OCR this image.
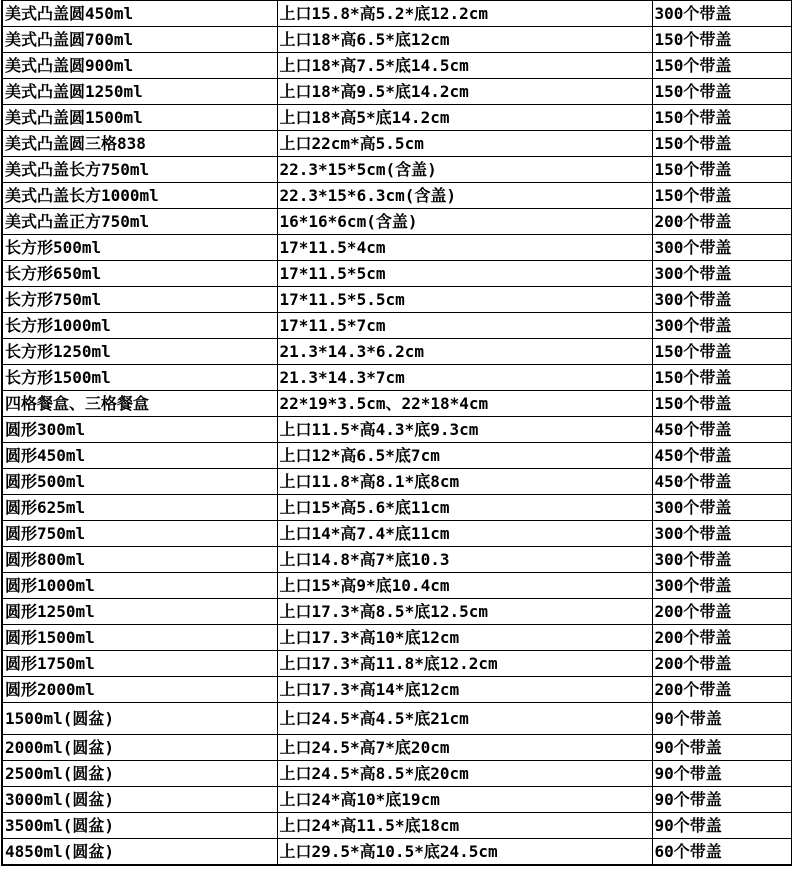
美式凸盖圆450ml	上口15.8*高5.2*底12.2cm	300个带盖
美式凸盖圆700ml	上口18*高6.5*底12cm	150个带盖
美式凸盖圆900ml	上口18*高7.5*底14.5cm	150个带盖
美式凸盖圆1250ml	上口18*高9.5*底14.2cm	150个带盖
美式凸盖圆1500ml	上口18*高5*底14.2cm	150个带盖
美式凸盖圆三格838	上口22cm*高5.5cm	150个带盖
美式凸盖长方750ml	22.3*15*5cm(含盖)	150个带盖
美式凸盖长方1000ml	22.3*15*6.3cm(含盖)	150个带盖
美式凸盖正方750ml	16*16*6cm(含盖)	200个带盖
长方形500ml	17*11.5*4cm	300个带盖
长方形650ml	17*11.5*5cm	300个带盖
长方形750ml	17*11.5*5.5cm	300个带盖
长方形1000ml	17*11.5*7cm	300个带盖
长方形1250ml	21.3*14.3*6.2cm	150个带盖
长方形1500ml	21.3*14.3*7cm	150个带盖
四格餐盒、三格餐盒	22*19*3.5cm、22*18*4cm	150个带盖
圆形300ml	上口11.5*高4.3*底9.3cm	450个带盖
圆形450ml	上口12*高6.5*底7cm	450个带盖
圆形500ml	上口11.8*高8.1*底8cm	450个带盖
圆形625ml	上口15*高5.6*底11cm	300个带盖
圆形750ml	上口14*高7.4*底11cm	300个带盖
圆形800ml	上口14.8*高7*底10.3	300个带盖
圆形1000ml	上口15*高9*底10.4cm	300个带盖
圆形1250ml	上口17.3*高8.5*底12.5cm	200个带盖
圆形1500ml	上口17.3*高10*底12cm	200个带盖
圆形1750ml	上口17.3*高11.8*底12.2cm	200个带盖
圆形2000ml	上口17.3*高14*底12cm	200个带盖
1500ml(圆盆)	上口24.5*高4.5*底21cm	90个带盖
2000ml(圆盆)	上口24.5*高7*底20cm	90个带盖
2500ml(圆盆)	上口24.5*高8.5*底20cm	90个带盖
3000ml(圆盆)	上口24*高10*底19cm	90个带盖
3500ml(圆盆)	上口24*高11.5*底18cm	90个带盖
4850ml(圆盆)	上口29.5*高10.5*底24.5cm	60个带盖
